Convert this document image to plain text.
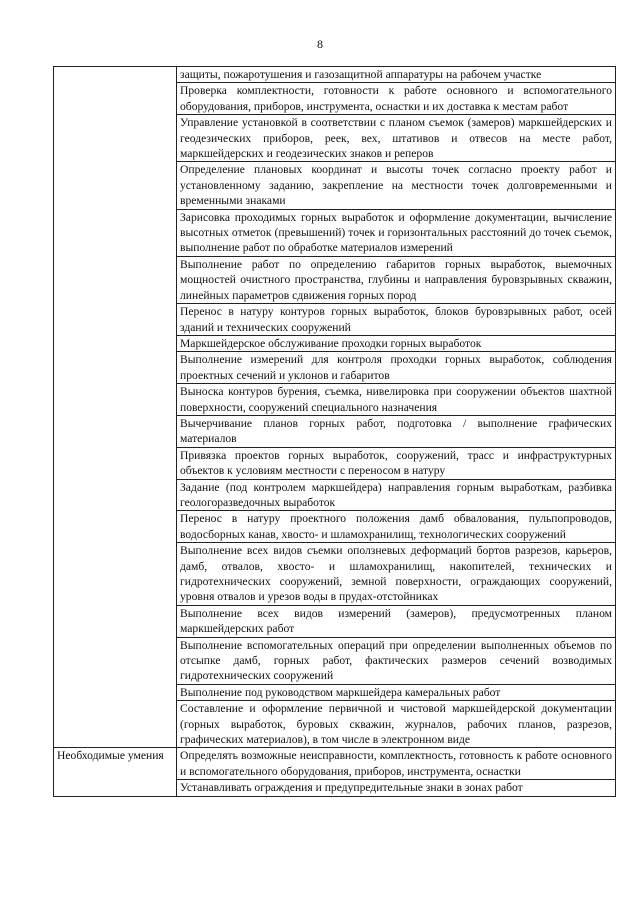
8
	защиты, пожаротушения и газозащитной аппаратуры на рабочем участке
	Проверка комплектности, готовности к работе основного и вспомогательного оборудования, приборов, инструмента, оснастки и их доставка к местам работ
	Управление установкой в соответствии с планом съемок (замеров) маркшейдерских и геодезических приборов, реек, вех, штативов и отвесов на месте работ, маркшейдерских и геодезических знаков и реперов
	Определение плановых координат и высоты точек согласно проекту работ и установленному заданию, закрепление на местности точек долговременными и временными знаками
	Зарисовка проходимых горных выработок и оформление документации, вычисление высотных отметок (превышений) точек и горизонтальных расстояний до точек съемок, выполнение работ по обработке материалов измерений
	Выполнение работ по определению габаритов горных выработок, выемочных мощностей очистного пространства, глубины и направления буровзрывных скважин, линейных параметров сдвижения горных пород
	Перенос в натуру контуров горных выработок, блоков буровзрывных работ, осей зданий и технических сооружений
	Маркшейдерское обслуживание проходки горных выработок
	Выполнение измерений для контроля проходки горных выработок, соблюдения проектных сечений и уклонов и габаритов
	Выноска контуров бурения, съемка, нивелировка при сооружении объектов шахтной поверхности, сооружений специального назначения
	Вычерчивание планов горных работ, подготовка / выполнение графических материалов
	Привязка проектов горных выработок, сооружений, трасс и инфраструктурных объектов к условиям местности с переносом в натуру
	Задание (под контролем маркшейдера) направления горным выработкам, разбивка геологоразведочных выработок
	Перенос в натуру проектного положения дамб обвалования, пульпопроводов, водосборных канав, хвосто- и шламохранилищ, технологических сооружений
	Выполнение всех видов съемки оползневых деформаций бортов разрезов, карьеров, дамб, отвалов, хвосто- и шламохранилищ, накопителей, технических и гидротехнических сооружений, земной поверхности, ограждающих сооружений, уровня отвалов и урезов воды в прудах-отстойниках
	Выполнение всех видов измерений (замеров), предусмотренных планом маркшейдерских работ
	Выполнение вспомогательных операций при определении выполненных объемов по отсыпке дамб, горных работ, фактических размеров сечений возводимых гидротехнических сооружений
	Выполнение под руководством маркшейдера камеральных работ
	Составление и оформление первичной и чистовой маркшейдерской документации (горных выработок, буровых скважин, журналов, рабочих планов, разрезов, графических материалов), в том числе в электронном виде
Необходимые умения	Определять возможные неисправности, комплектность, готовность к работе основного и вспомогательного оборудования, приборов, инструмента, оснастки
	Устанавливать ограждения и предупредительные знаки в зонах работ
